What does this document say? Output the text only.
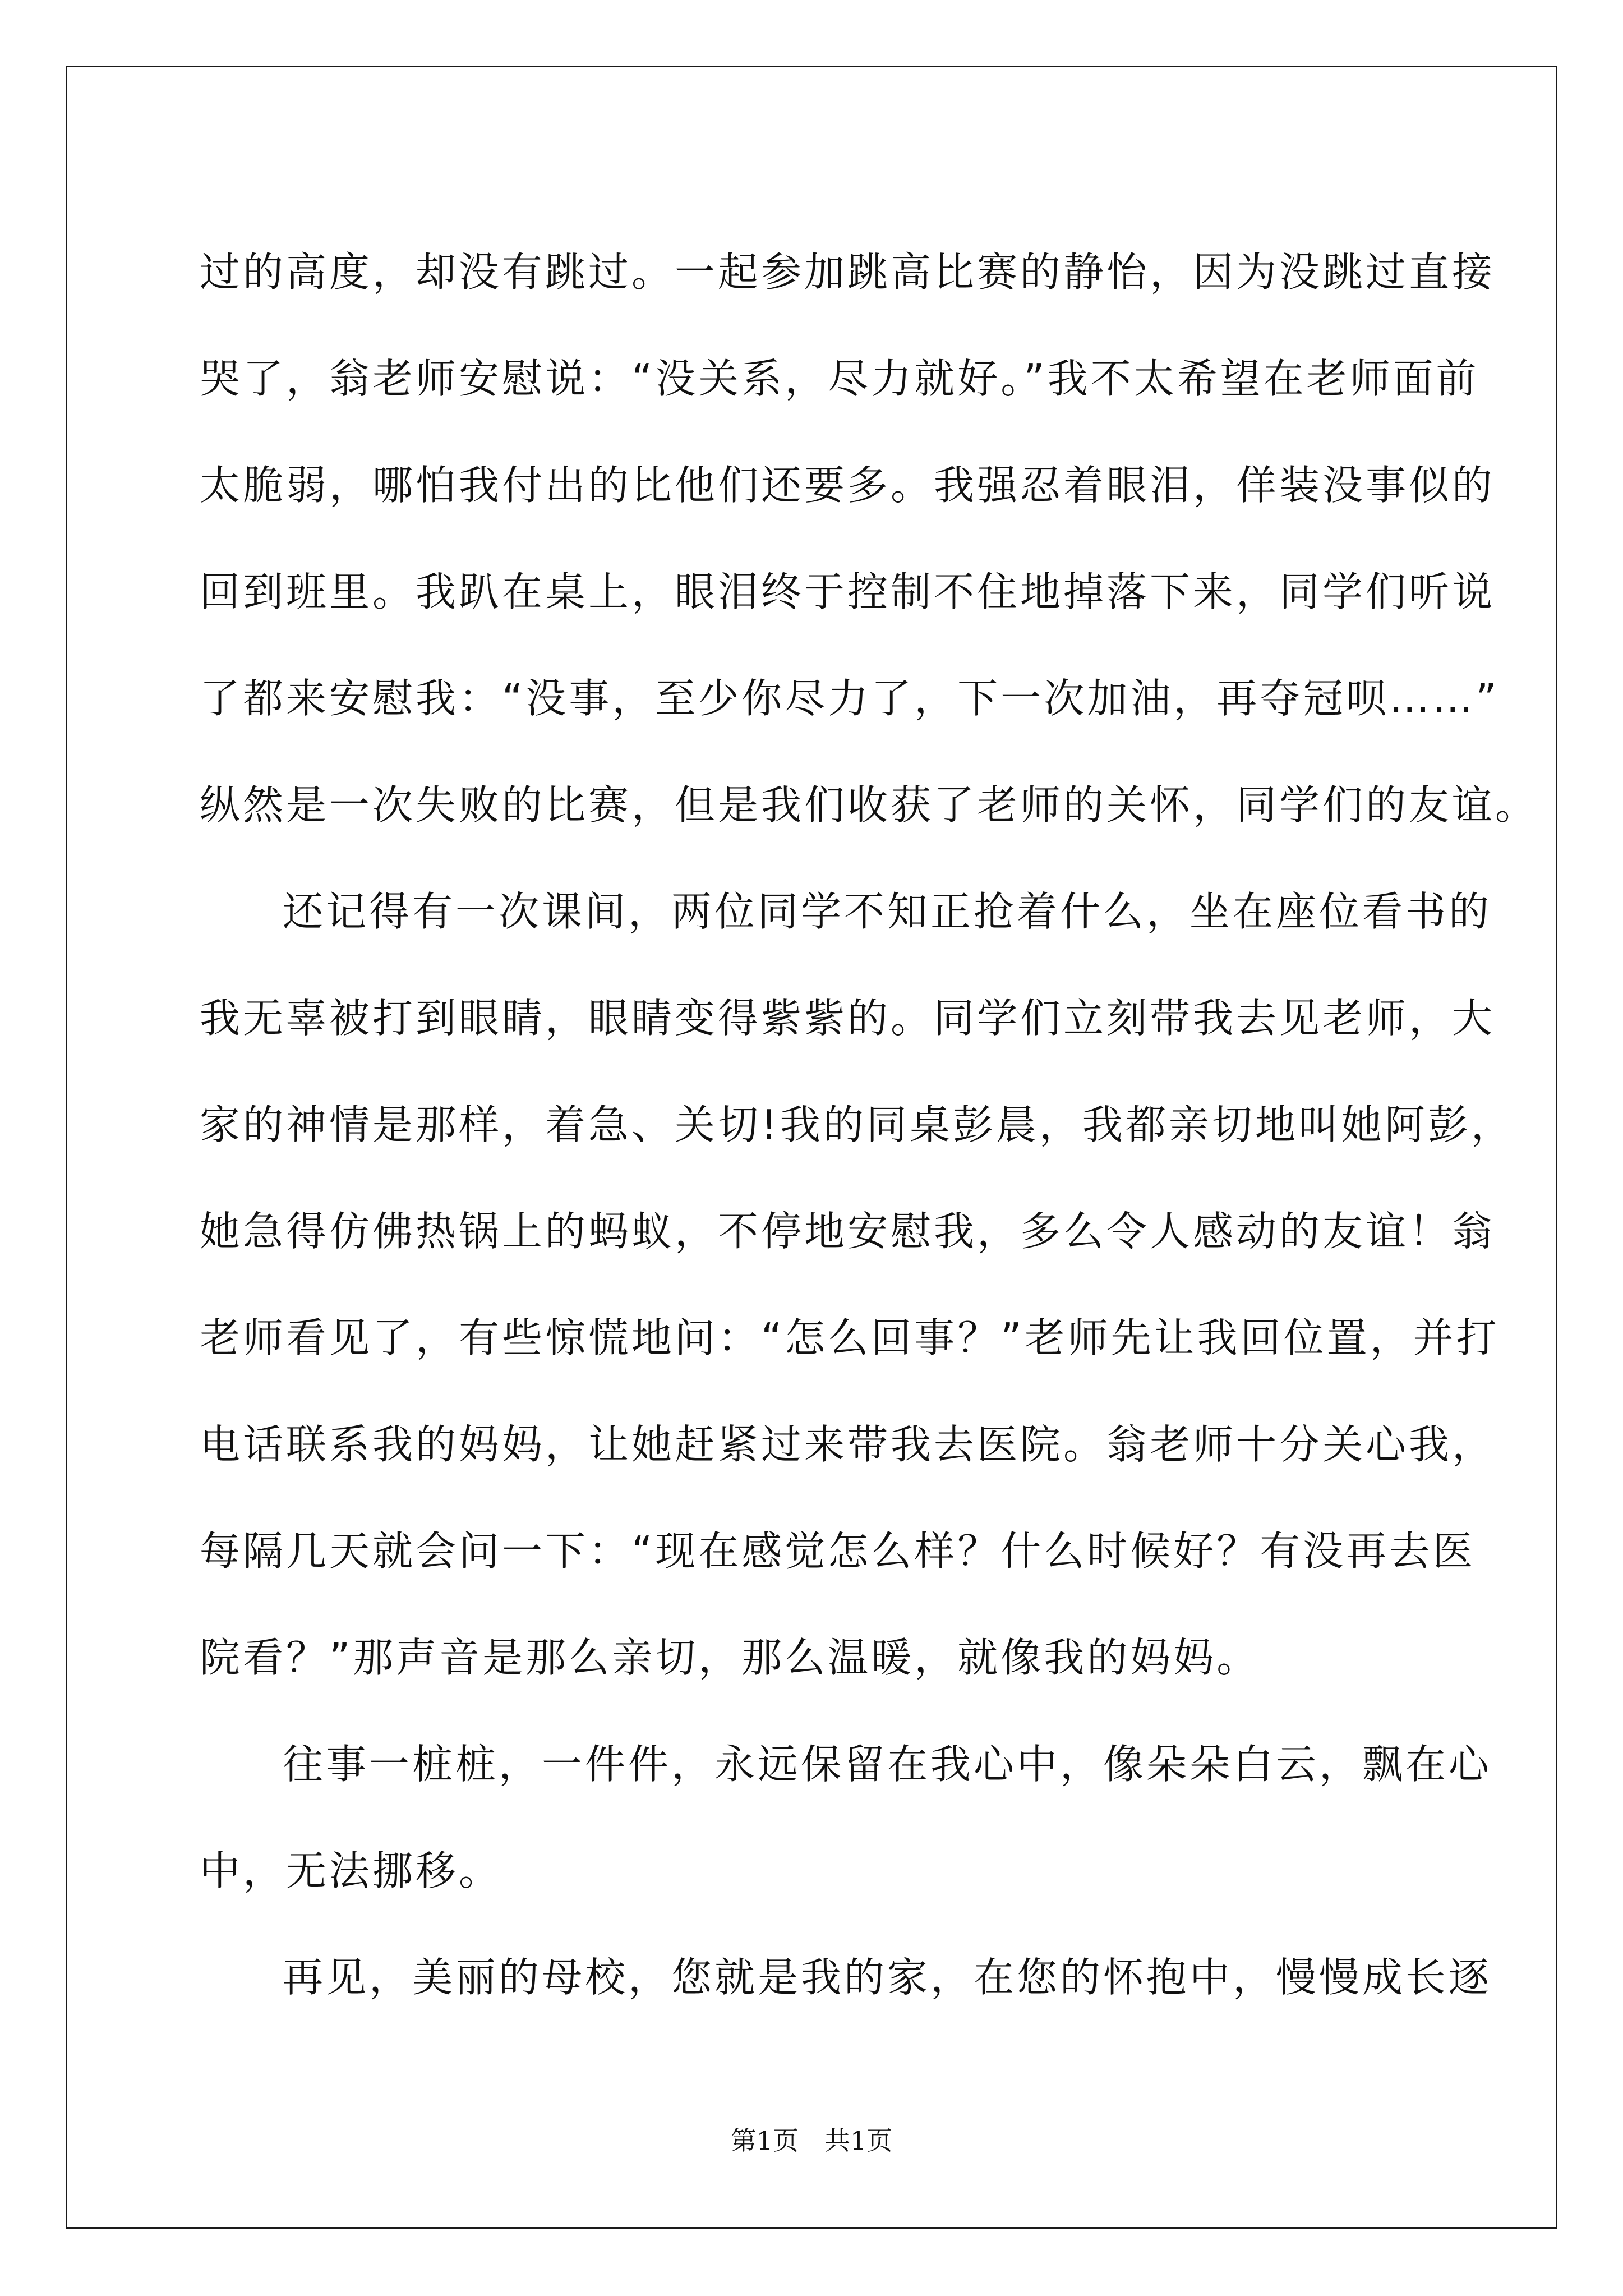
过的高度，却没有跳过。一起参加跳高比赛的静怡，因为没跳过直接
哭了，翁老师安慰说：“没关系，尽力就好。”我不太希望在老师面前
太脆弱，哪怕我付出的比他们还要多。我强忍着眼泪，佯装没事似的
回到班里。我趴在桌上，眼泪终于控制不住地掉落下来，同学们听说
了都来安慰我：“没事，至少你尽力了，下一次加油，再夺冠呗……”
纵然是一次失败的比赛，但是我们收获了老师的关怀，同学们的友谊。
还记得有一次课间，两位同学不知正抢着什么，坐在座位看书的
我无辜被打到眼睛，眼睛变得紫紫的。同学们立刻带我去见老师，大
家的神情是那样，着急、关切!我的同桌彭晨，我都亲切地叫她阿彭，
她急得仿佛热锅上的蚂蚁，不停地安慰我，多么令人感动的友谊！翁
老师看见了，有些惊慌地问：“怎么回事？”老师先让我回位置，并打
电话联系我的妈妈，让她赶紧过来带我去医院。翁老师十分关心我，
每隔几天就会问一下：“现在感觉怎么样？什么时候好？有没再去医
院看？”那声音是那么亲切，那么温暖，就像我的妈妈。
往事一桩桩，一件件，永远保留在我心中，像朵朵白云，飘在心
中，无法挪移。
再见，美丽的母校，您就是我的家，在您的怀抱中，慢慢成长逐
第1页　共1页
